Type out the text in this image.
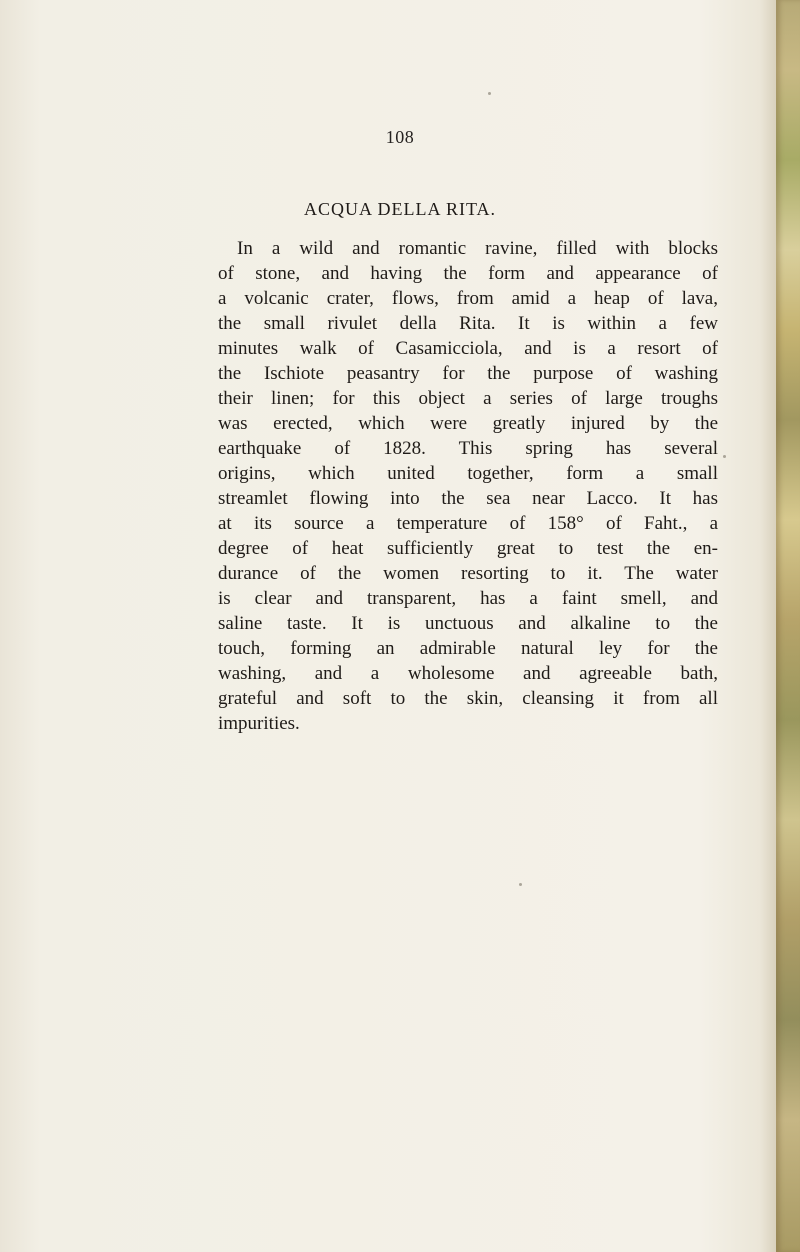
108
ACQUA DELLA RITA.
In a wild and romantic ravine, filled with blocks
of stone, and having the form and appearance of
a volcanic crater, flows, from amid a heap of lava,
the small rivulet della Rita. It is within a few
minutes walk of Casamicciola, and is a resort of
the Ischiote peasantry for the purpose of washing
their linen; for this object a series of large troughs
was erected, which were greatly injured by the
earthquake of 1828. This spring has several
origins, which united together, form a small
streamlet flowing into the sea near Lacco. It has
at its source a temperature of 158° of Faht., a
degree of heat sufficiently great to test the en-
durance of the women resorting to it. The water
is clear and transparent, has a faint smell, and
saline taste. It is unctuous and alkaline to the
touch, forming an admirable natural ley for the
washing, and a wholesome and agreeable bath,
grateful and soft to the skin, cleansing it from all
impurities.
